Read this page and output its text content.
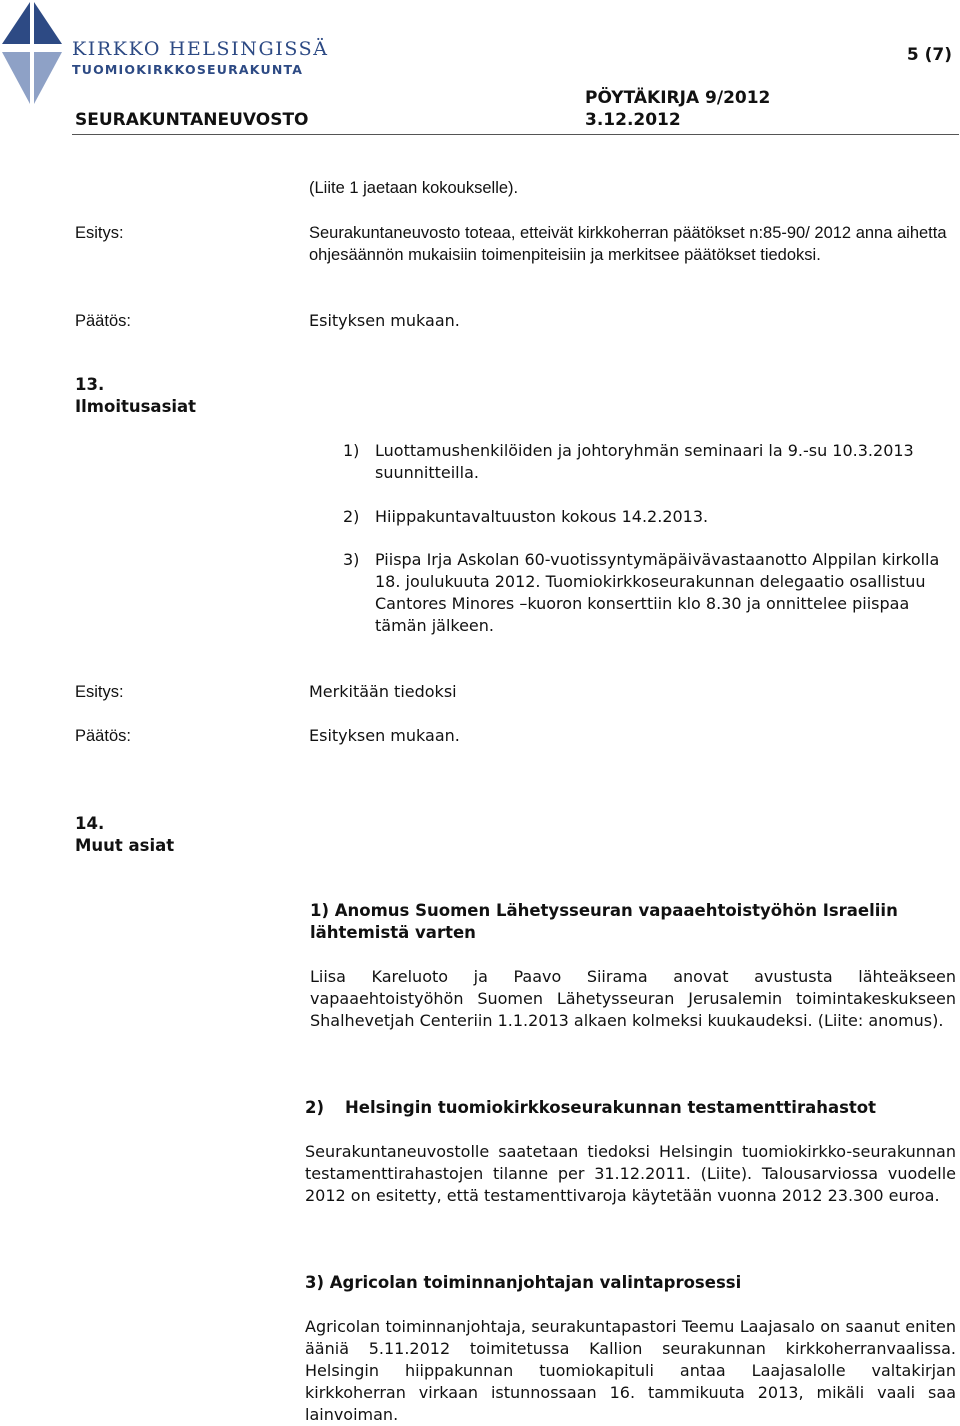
KIRKKO HELSINGISSÄ
TUOMIOKIRKKOSEURAKUNTA
5 (7)
PÖYTÄKIRJA 9/2012
SEURAKUNTANEUVOSTO	3.12.2012
(Liite 1 jaetaan kokoukselle).
Esitys:	Seurakuntaneuvosto toteaa, etteivät kirkkoherran päätökset n:85-90/ 2012 anna aihetta ohjesäännön mukaisiin toimenpiteisiin ja merkitsee päätökset tiedoksi.
Päätös:	Esityksen mukaan.
13.
Ilmoitusasiat
1) Luottamushenkilöiden ja johtoryhmän seminaari la 9.-su 10.3.2013 suunnitteilla.
2) Hiippakuntavaltuuston kokous 14.2.2013.
3) Piispa Irja Askolan 60-vuotissyntymäpäivävastaanotto Alppilan kirkolla 18. joulukuuta 2012. Tuomiokirkkoseurakunnan delegaatio osallistuu Cantores Minores –kuoron konserttiin klo 8.30 ja onnittelee piispaa tämän jälkeen.
Esitys:	Merkitään tiedoksi
Päätös:	Esityksen mukaan.
14.
Muut asiat
1) Anomus Suomen Lähetysseuran vapaaehtoistyöhön Israeliin lähtemistä varten

Liisa Kareluoto ja Paavo Siirama anovat avustusta lähteäkseen vapaaehtoistyöhön Suomen Lähetysseuran Jerusalemin toimintakeskukseen Shalhevetjah Centeriin 1.1.2013 alkaen kolmeksi kuukaudeksi. (Liite: anomus).

2) Helsingin tuomiokirkkoseurakunnan testamenttirahastot

Seurakuntaneuvostolle saatetaan tiedoksi Helsingin tuomiokirkko-seurakunnan testamenttirahastojen tilanne per 31.12.2011. (Liite). Talousarviossa vuodelle 2012 on esitetty, että testamenttivaroja käytetään vuonna 2012 23.300 euroa.

3) Agricolan toiminnanjohtajan valintaprosessi

Agricolan toiminnanjohtaja, seurakuntapastori Teemu Laajasalo on saanut eniten ääniä 5.11.2012 toimitetussa Kallion seurakunnan kirkkoherranvaalissa. Helsingin hiippakunnan tuomiokapituli antaa Laajasalolle valtakirjan kirkkoherran virkaan istunnossaan 16. tammikuuta 2013, mikäli vaali saa lainvoiman.
